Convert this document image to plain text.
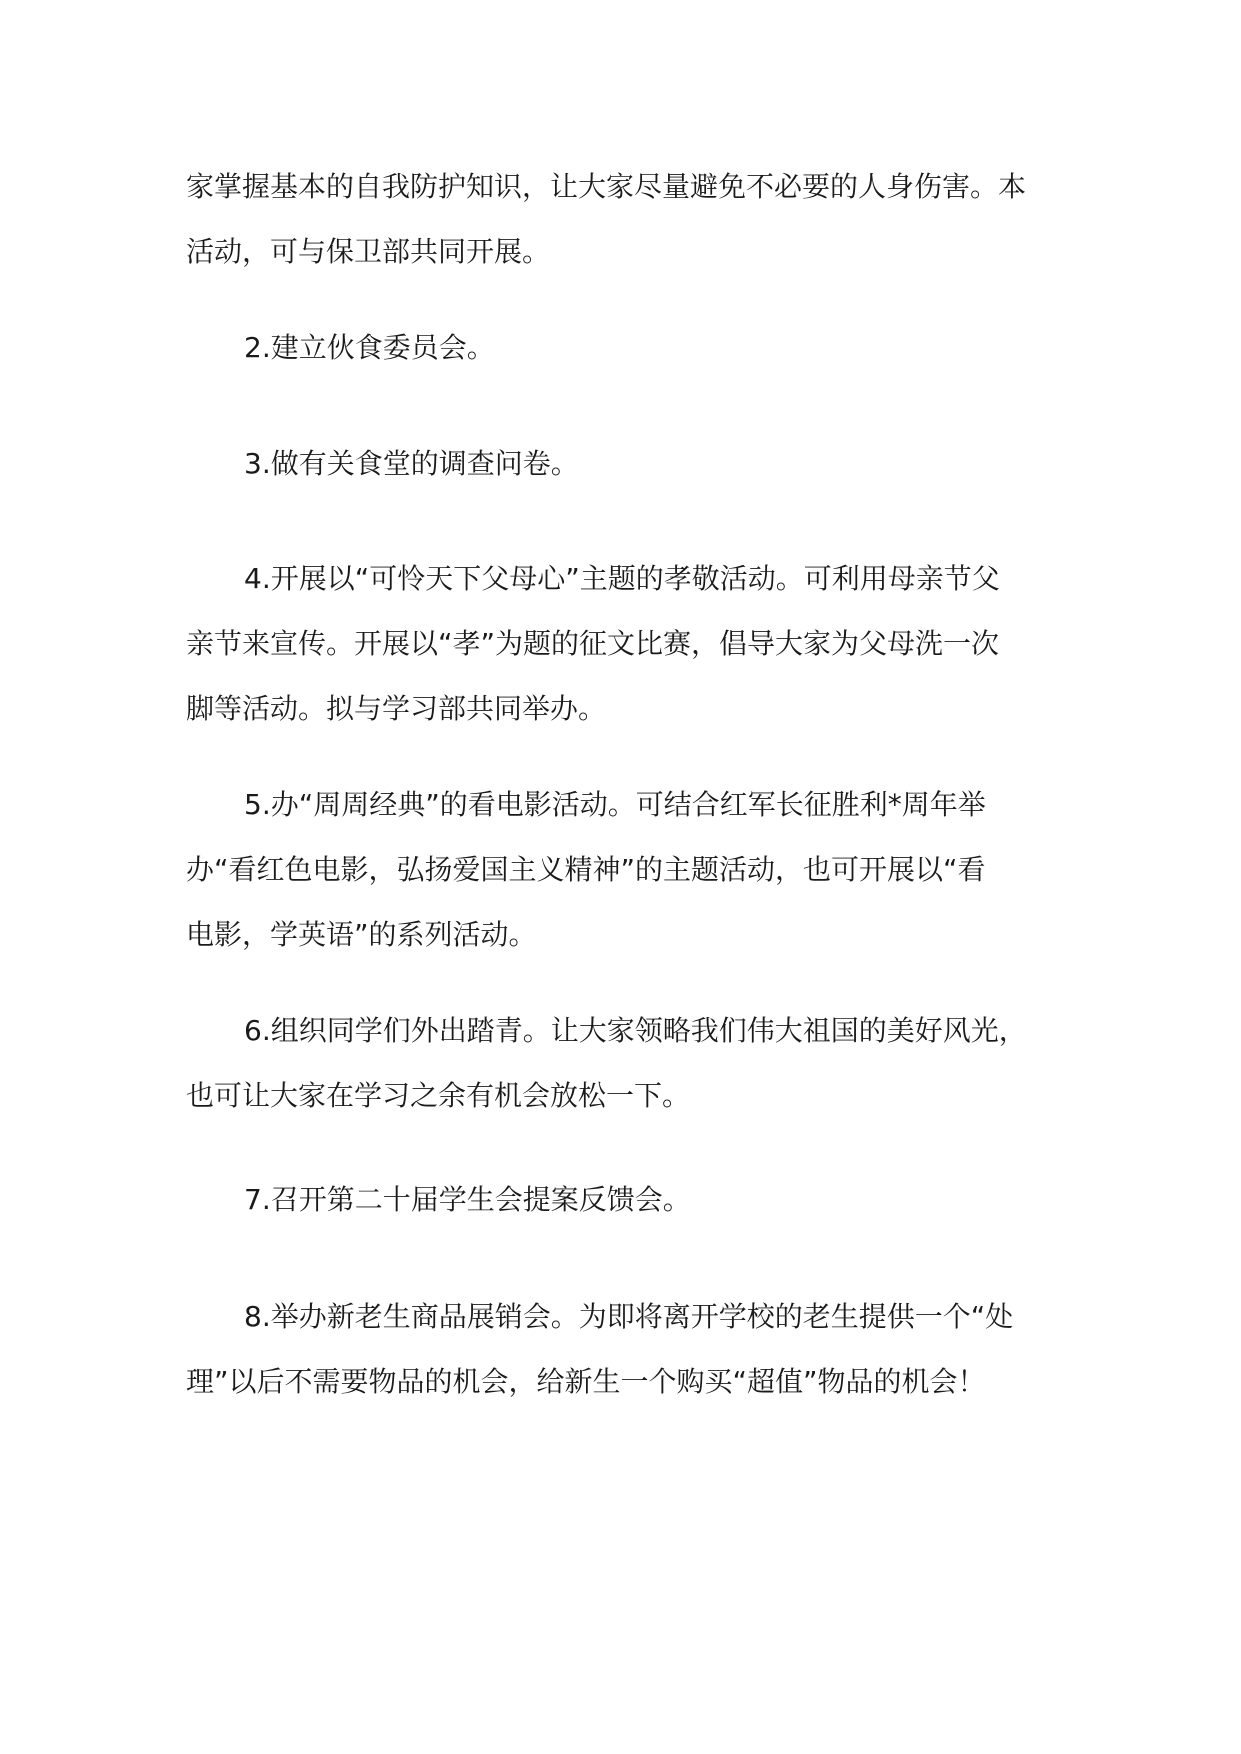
家掌握基本的自我防护知识，让大家尽量避免不必要的人身伤害。本
活动，可与保卫部共同开展。
2.建立伙食委员会。
3.做有关食堂的调查问卷。
4.开展以“可怜天下父母心”主题的孝敬活动。可利用母亲节父
亲节来宣传。开展以“孝”为题的征文比赛，倡导大家为父母洗一次
脚等活动。拟与学习部共同举办。
5.办“周周经典”的看电影活动。可结合红军长征胜利*周年举
办“看红色电影，弘扬爱国主义精神”的主题活动，也可开展以“看
电影，学英语”的系列活动。
6.组织同学们外出踏青。让大家领略我们伟大祖国的美好风光，
也可让大家在学习之余有机会放松一下。
7.召开第二十届学生会提案反馈会。
8.举办新老生商品展销会。为即将离开学校的老生提供一个“处
理”以后不需要物品的机会，给新生一个购买“超值”物品的机会！
